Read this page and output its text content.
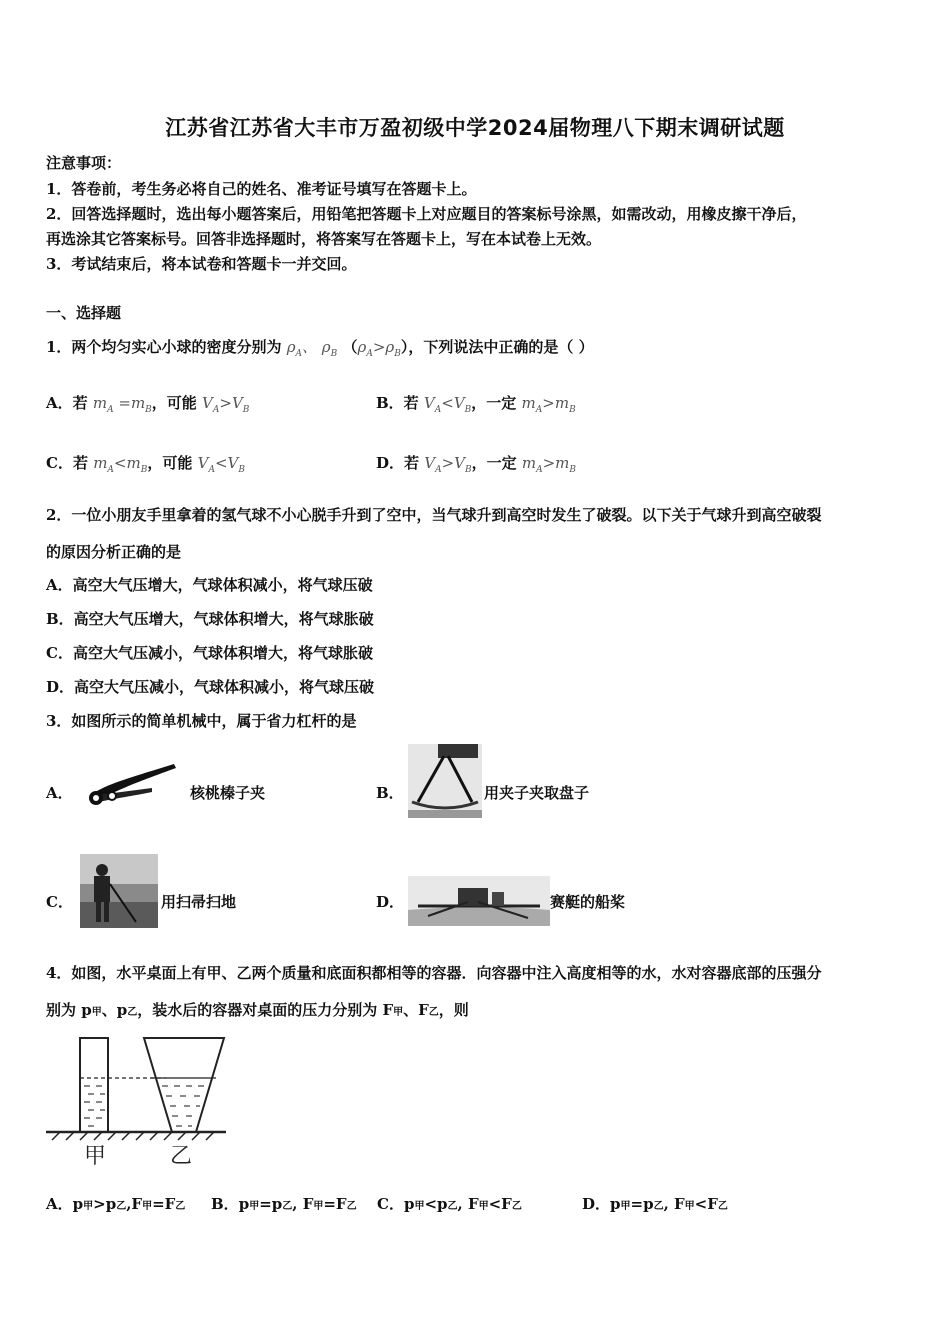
江苏省江苏省大丰市万盈初级中学2024届物理八下期末调研试题
注意事项：
1．答卷前，考生务必将自己的姓名、准考证号填写在答题卡上。
2．回答选择题时，选出每小题答案后，用铅笔把答题卡上对应题目的答案标号涂黑，如需改动，用橡皮擦干净后，
再选涂其它答案标号。回答非选择题时，将答案写在答题卡上，写在本试卷上无效。
3．考试结束后，将本试卷和答题卡一并交回。
一、选择题
1．两个均匀实心小球的密度分别为 $\rho_A$、 $\rho_B$ $(\rho_A>\rho_B)$，下列说法中正确的是（ ）
A．若 $m_A =m_B$，可能 $V_A>V_B$	B．若 $V_A<V_B$，一定 $m_A>m_B$
C．若 $m_A<m_B$，可能 $V_A<V_B$	D．若 $V_A>V_B$，一定 $m_A>m_B$
2．一位小朋友手里拿着的氢气球不小心脱手升到了空中，当气球升到高空时发生了破裂。以下关于气球升到高空破裂
的原因分析正确的是
A．高空大气压增大，气球体积减小，将气球压破
B．高空大气压增大，气球体积增大，将气球胀破
C．高空大气压减小，气球体积增大，将气球胀破
D．高空大气压减小，气球体积减小，将气球压破
3．如图所示的简单机械中，属于省力杠杆的是
A．	核桃榛子夹	B．	用夹子夹取盘子
C．	用扫帚扫地	D．	赛艇的船桨
4．如图，水平桌面上有甲、乙两个质量和底面积都相等的容器．向容器中注入高度相等的水，水对容器底部的压强分
别为 p甲、p乙，装水后的容器对桌面的压力分别为 F甲、F乙，则
甲	乙
A．p甲>p乙,F甲=F乙 B．p甲=p乙, F甲=F乙 C．p甲<p乙, F甲<F乙	D．p甲=p乙, F甲<F乙
